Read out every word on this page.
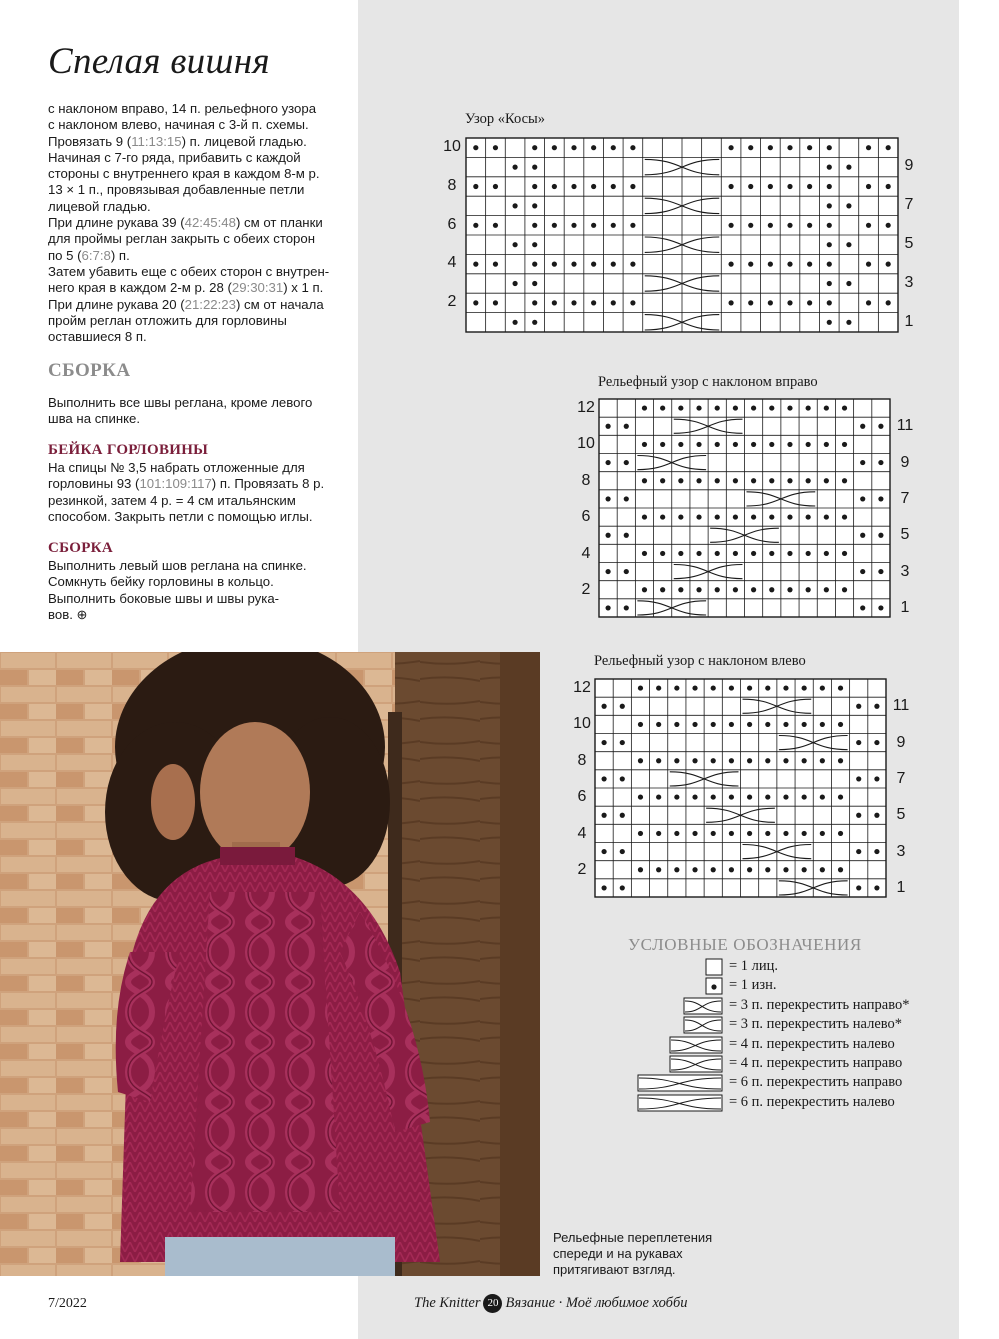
Спелая вишня
с наклоном вправо, 14 п. рельефного узора
с наклоном влево, начиная с 3-й п. схемы.
Провязать 9 (11:13:15) п. лицевой гладью.
Начиная с 7-го ряда, прибавить с каждой
стороны с внутреннего края в каждом 8-м р.
13 × 1 п., провязывая добавленные петли
лицевой гладью.
При длине рукава 39 (42:45:48) см от планки
для проймы реглан закрыть с обеих сторон
по 5 (6:7:8) п.
Затем убавить еще с обеих сторон с внутрен-
него края в каждом 2-м р. 28 (29:30:31) х 1 п.
При длине рукава 20 (21:22:23) см от начала
пройм реглан отложить для горловины
оставшиеся 8 п.
СБОРКА
Выполнить все швы реглана, кроме левого
шва на спинке.
БЕЙКА ГОРЛОВИНЫ
На спицы № 3,5 набрать отложенные для
горловины 93 (101:109:117) п. Провязать 8 р.
резинкой, затем 4 р. = 4 см итальянским
способом. Закрыть петли с помощью иглы.
СБОРКА
Выполнить левый шов реглана на спинке.
Сомкнуть бейку горловины в кольцо.
Выполнить боковые швы и швы рука-
вов. ⊕
Узор «Косы»
Рельефный узор с наклоном вправо
Рельефный узор с наклоном влево
10
8
6
4
2
9
7
5
3
1
12
10
8
6
4
2
11
9
7
5
3
1
12
10
8
6
4
2
11
9
7
5
3
1
УСЛОВНЫЕ ОБОЗНАЧЕНИЯ
= 1 лиц.
= 1 изн.
= 3 п. перекрестить направо*
= 3 п. перекрестить налево*
= 4 п. перекрестить налево
= 4 п. перекрестить направо
= 6 п. перекрестить направо
= 6 п. перекрестить налево
Рельефные переплетения
спереди и на рукавах
притягивают взгляд.
7/2022	The Knitter 20 Вязание · Моё любимое хобби
